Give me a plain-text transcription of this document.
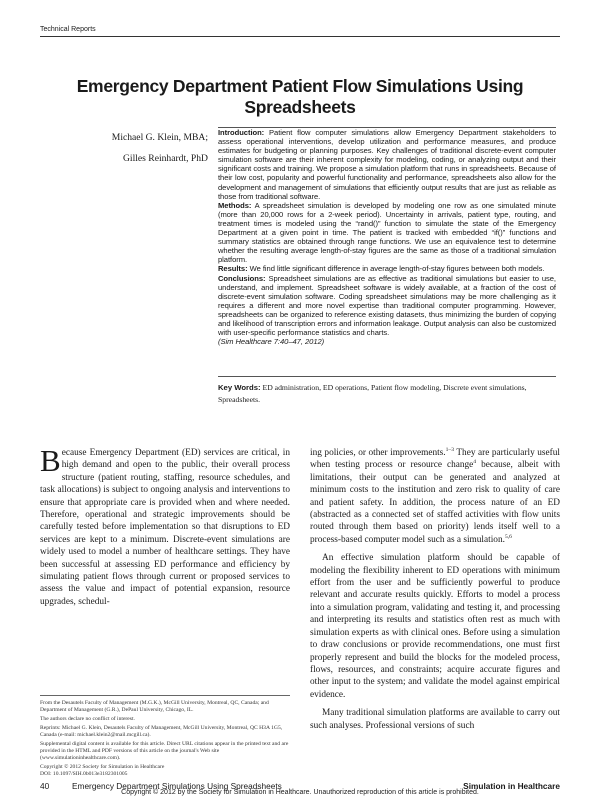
Technical Reports
Emergency Department Patient Flow Simulations Using Spreadsheets
Michael G. Klein, MBA;
Gilles Reinhardt, PhD

Introduction: Patient flow computer simulations allow Emergency Department stakeholders to assess operational interventions, develop utilization and performance measures, and produce estimates for budgeting or planning purposes. Key challenges of traditional discrete-event computer simulation software are their inherent complexity for modeling, coding, or analyzing output and their significant costs and training. We propose a simulation platform that runs in spreadsheets. Because of their low cost, popularity and powerful functionality and performance, spreadsheets also allow for the development and management of simulations that efficiently output results that are just as reliable as those from traditional software.

Methods: A spreadsheet simulation is developed by modeling one row as one simulated minute (more than 20,000 rows for a 2-week period). Uncertainty in arrivals, patient type, routing, and treatment times is modeled using the “rand()” function to simulate the state of the Emergency Department at a given point in time. The patient is tracked with embedded “if()” functions and summary statistics are obtained through range functions. We use an equivalence test to determine whether the resulting average length-of-stay figures are the same as those of a traditional simulation platform.

Results: We find little significant difference in average length-of-stay figures between both models.

Conclusions: Spreadsheet simulations are as effective as traditional simulations but easier to use, understand, and implement. Spreadsheet software is widely available, at a fraction of the cost of discrete-event simulation software. Coding spreadsheet simulations may be more challenging as it requires a different and more novel expertise than traditional computer programming. However, spreadsheets can be organized to reference existing datasets, thus minimizing the burden of copying and likelihood of transcription errors and information leakage. Output analysis can also be customized with user-specific performance statistics and charts.

(Sim Healthcare 7:40–47, 2012)

Key Words: ED administration, ED operations, Patient flow modeling, Discrete event simulations, Spreadsheets.

Because Emergency Department (ED) services are critical, in high demand and open to the public, their overall process structure (patient routing, staffing, resource schedules, and task allocations) is subject to ongoing analysis and interventions to ensure that appropriate care is provided when and where needed. Therefore, operational and strategic improvements should be carefully tested before implementation so that disruptions to ED services are kept to a minimum. Discrete-event simulations are widely used to model a number of healthcare settings. They have been successful at assessing ED performance and efficiency by simulating patient flows through current or proposed services to assess the value and impact of potential expansion, resource upgrades, schedul-

From the Desautels Faculty of Management (M.G.K.), McGill University, Montreal, QC, Canada; and Department of Management (G.R.), DePaul University, Chicago, IL.
The authors declare no conflict of interest.
Reprints: Michael G. Klein, Desautels Faculty of Management, McGill University, Montreal, QC H3A 1G5, Canada (e-mail: michael.klein2@mail.mcgill.ca).
Supplemental digital content is available for this article. Direct URL citations appear in the printed text and are provided in the HTML and PDF versions of this article on the journal's Web site (www.simulationinhealthcare.com).
Copyright © 2012 Society for Simulation in Healthcare
DOI: 10.1097/SIH.0b013e3182301005

ing policies, or other improvements.$^{1-3}$ They are particularly useful when testing process or resource change$^4$ because, albeit with limitations, their output can be generated and analyzed at minimum costs to the institution and zero risk to quality of care and patient safety. In addition, the process nature of an ED (abstracted as a connected set of staffed activities with flow units routed through them based on priority) lends itself well to a process-based computer model such as a simulation.$^{5,6}$

An effective simulation platform should be capable of modeling the flexibility inherent to ED operations with minimum effort from the user and be sufficiently powerful to produce relevant and accurate results quickly. Efforts to model a process into a simulation program, validating and testing it, and processing and interpreting its results and statistics often rest as much with simulation experts as with clinical ones. Before using a simulation to draw conclusions or provide recommendations, one must first properly represent and build the blocks for the modeled process, flows, resources, and constraints; acquire accurate figures and other input to the system; and validate the model against empirical evidence.

Many traditional simulation platforms are available to carry out such analyses. Professional versions of such

40	Emergency Department Simulations Using Spreadsheets	Simulation in Healthcare
Copyright © 2012 by the Society for Simulation in Healthcare. Unauthorized reproduction of this article is prohibited.
